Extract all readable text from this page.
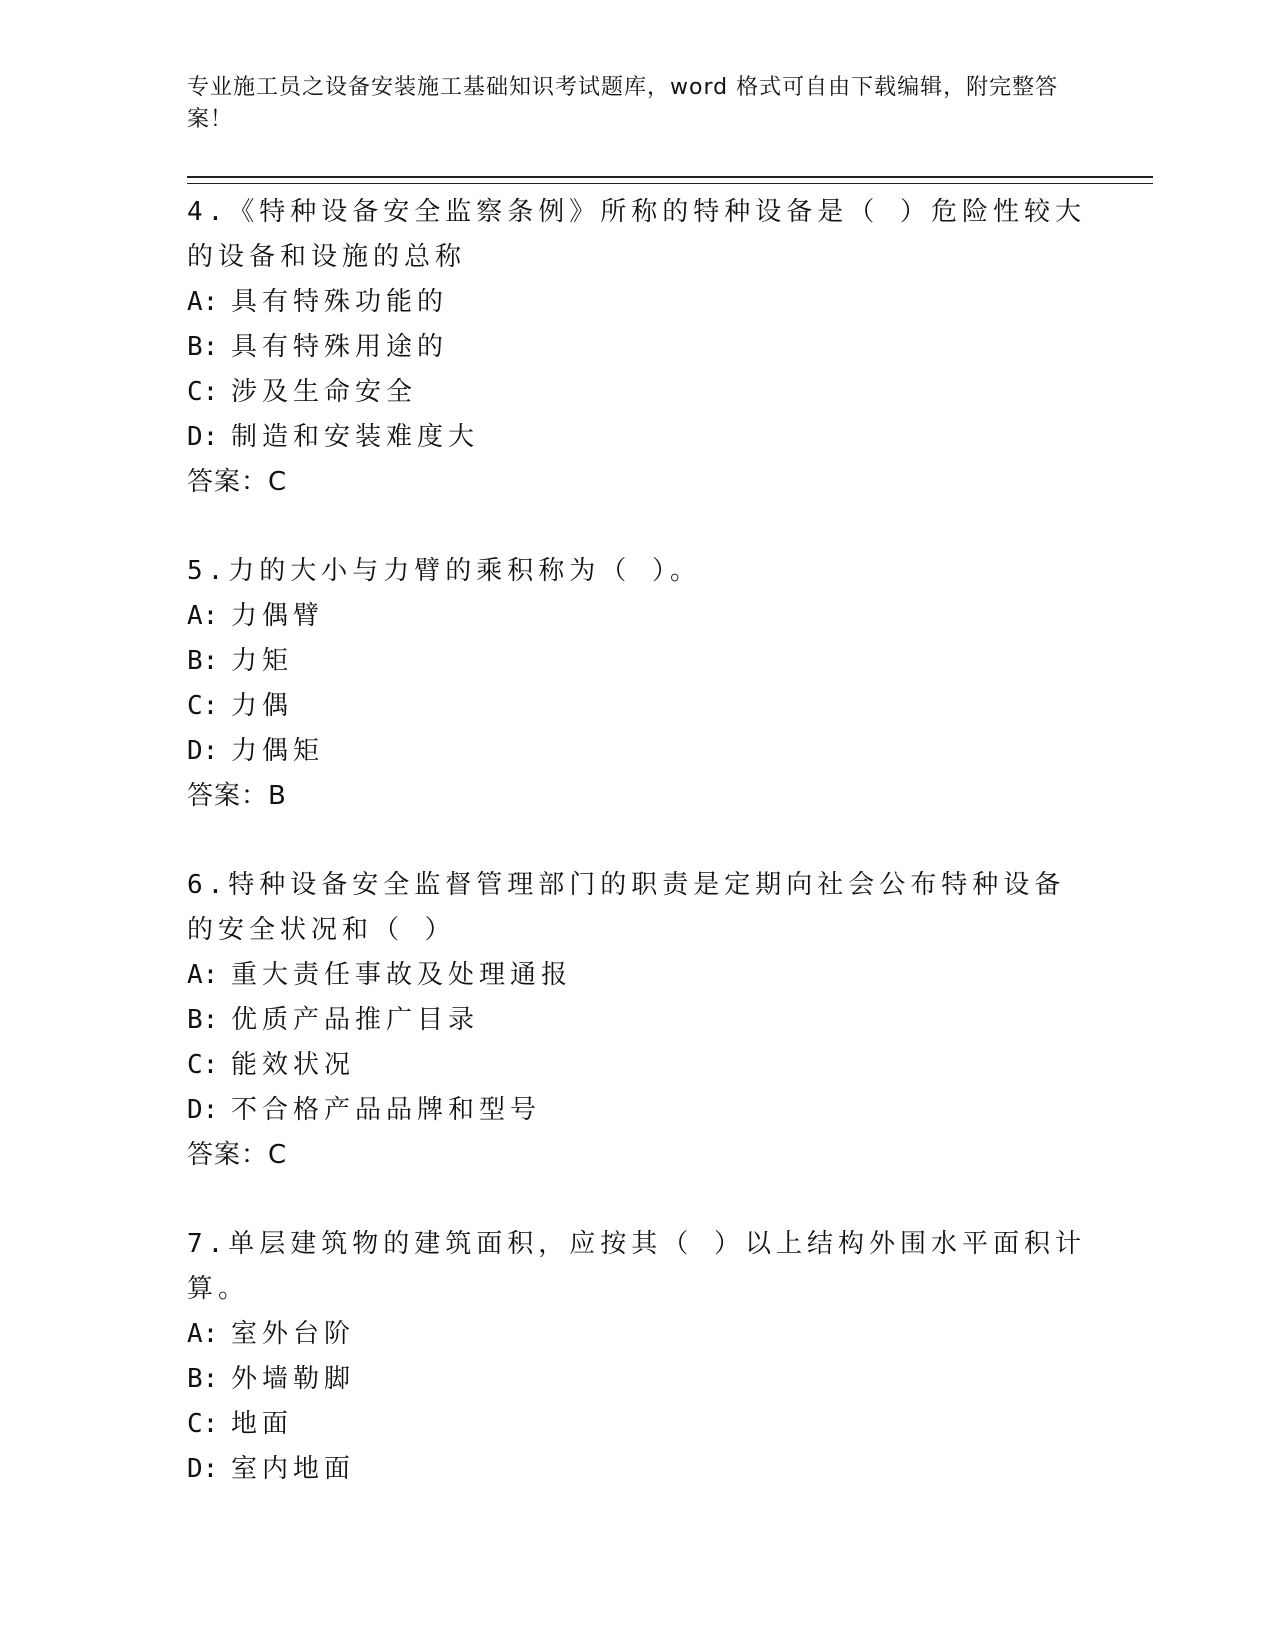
专业施工员之设备安装施工基础知识考试题库，word 格式可自由下载编辑，附完整答案！

4.《特种设备安全监察条例》所称的特种设备是（ ）危险性较大的设备和设施的总称

A: 具有特殊功能的

B: 具有特殊用途的

C: 涉及生命安全

D: 制造和安装难度大

答案：C

5.力的大小与力臂的乘积称为（ ）。

A: 力偶臂

B: 力矩

C: 力偶

D: 力偶矩

答案：B

6.特种设备安全监督管理部门的职责是定期向社会公布特种设备的安全状况和（ ）

A: 重大责任事故及处理通报

B: 优质产品推广目录

C: 能效状况

D: 不合格产品品牌和型号

答案：C

7.单层建筑物的建筑面积，应按其（ ）以上结构外围水平面积计算。

A: 室外台阶

B: 外墙勒脚

C: 地面

D: 室内地面
